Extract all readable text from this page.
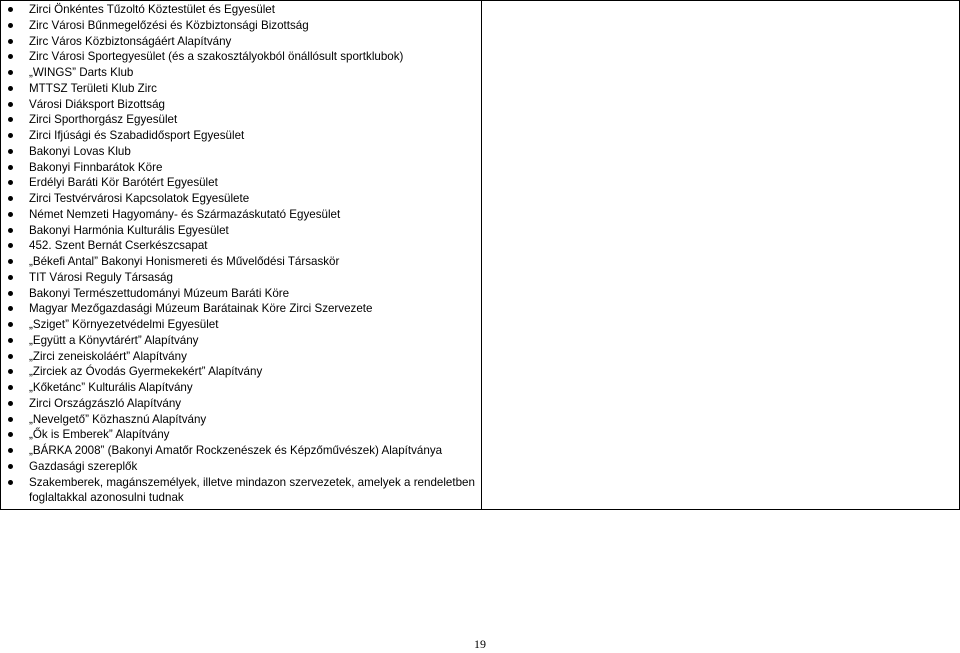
Zirci Önkéntes Tűzoltó Köztestület és Egyesület
Zirc Városi Bűnmegelőzési és Közbiztonsági Bizottság
Zirc Város Közbiztonságáért Alapítvány
Zirc Városi Sportegyesület (és a szakosztályokból önállósult sportklubok)
„WINGS” Darts Klub
MTTSZ Területi Klub Zirc
Városi Diáksport Bizottság
Zirci Sporthorgász Egyesület
Zirci Ifjúsági és Szabadidősport Egyesület
Bakonyi Lovas Klub
Bakonyi Finnbarátok Köre
Erdélyi Baráti Kör Barótért Egyesület
Zirci Testvérvárosi Kapcsolatok Egyesülete
Német Nemzeti Hagyomány- és Származáskutató Egyesület
Bakonyi Harmónia Kulturális Egyesület
452. Szent Bernát Cserkészcsapat
„Békefi Antal” Bakonyi Honismereti és Művelődési Társaskör
TIT Városi Reguly Társaság
Bakonyi Természettudományi Múzeum Baráti Köre
Magyar Mezőgazdasági Múzeum Barátainak Köre Zirci Szervezete
„Sziget” Környezetvédelmi Egyesület
„Együtt a Könyvtárért” Alapítvány
„Zirci zeneiskoláért” Alapítvány
„Zirciek az Óvodás Gyermekekért” Alapítvány
„Kőketánc” Kulturális Alapítvány
Zirci Országzászló Alapítvány
„Nevelgető” Közhasznú Alapítvány
„Ők is Emberek” Alapítvány
„BÁRKA 2008” (Bakonyi Amatőr Rockzenészek és Képzőművészek) Alapítványa
Gazdasági szereplők
Szakemberek, magánszemélyek, illetve mindazon szervezetek, amelyek a rendeletben foglaltakkal azonosulni tudnak
19
